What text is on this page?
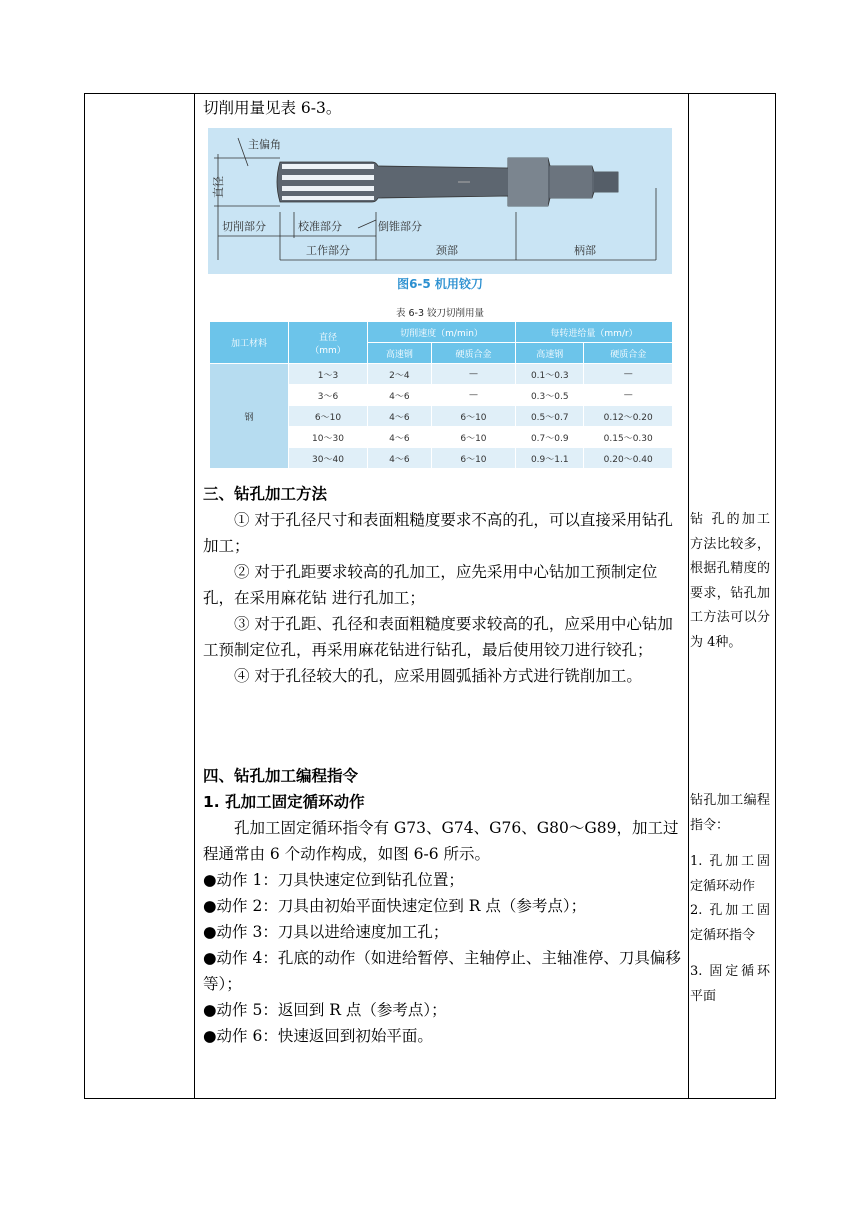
切削用量见表 6-3。

主偏角
直径
切削部分	校准部分	倒锥部分
工作部分	颈部	柄部
图6-5 机用铰刀
表 6-3 铰刀切削用量
加工材料	直径
（mm）	切削速度（m/min）		每转进给量（mm/r）	
		高速钢	硬质合金	高速钢	硬质合金
钢	1～3	2～4	—	0.1～0.3	—
	3～6	4～6	—	0.3～0.5	—
	6～10	4～6	6～10	0.5～0.7	0.12～0.20
	10～30	4～6	6～10	0.7～0.9	0.15～0.30
	30～40	4～6	6～10	0.9～1.1	0.20～0.40

三、钻孔加工方法

① 对于孔径尺寸和表面粗糙度要求不高的孔，可以直接采用钻孔加工；

② 对于孔距要求较高的孔加工，应先采用中心钻加工预制定位孔，在采用麻花钻 进行孔加工；

③ 对于孔距、孔径和表面粗糙度要求较高的孔，应采用中心钻加工预制定位孔，再采用麻花钻进行钻孔，最后使用铰刀进行铰孔；

④ 对于孔径较大的孔，应采用圆弧插补方式进行铣削加工。

四、钻孔加工编程指令

1. 孔加工固定循环动作

孔加工固定循环指令有 G73、G74、G76、G80～G89，加工过程通常由 6 个动作构成，如图 6-6 所示。

●动作 1：刀具快速定位到钻孔位置；

●动作 2：刀具由初始平面快速定位到 R 点（参考点）；

●动作 3：刀具以进给速度加工孔；

●动作 4：孔底的动作（如进给暂停、主轴停止、主轴准停、刀具偏移等）；

●动作 5：返回到 R 点（参考点）；

●动作 6：快速返回到初始平面。

钻 孔的加工方法比较多，根据孔精度的要求，钻孔加工方法可以分 为 4种。

钻孔加工编程指令：

1. 孔加工固定循环动作

2. 孔加工固定循环指令

3. 固定循环平面
